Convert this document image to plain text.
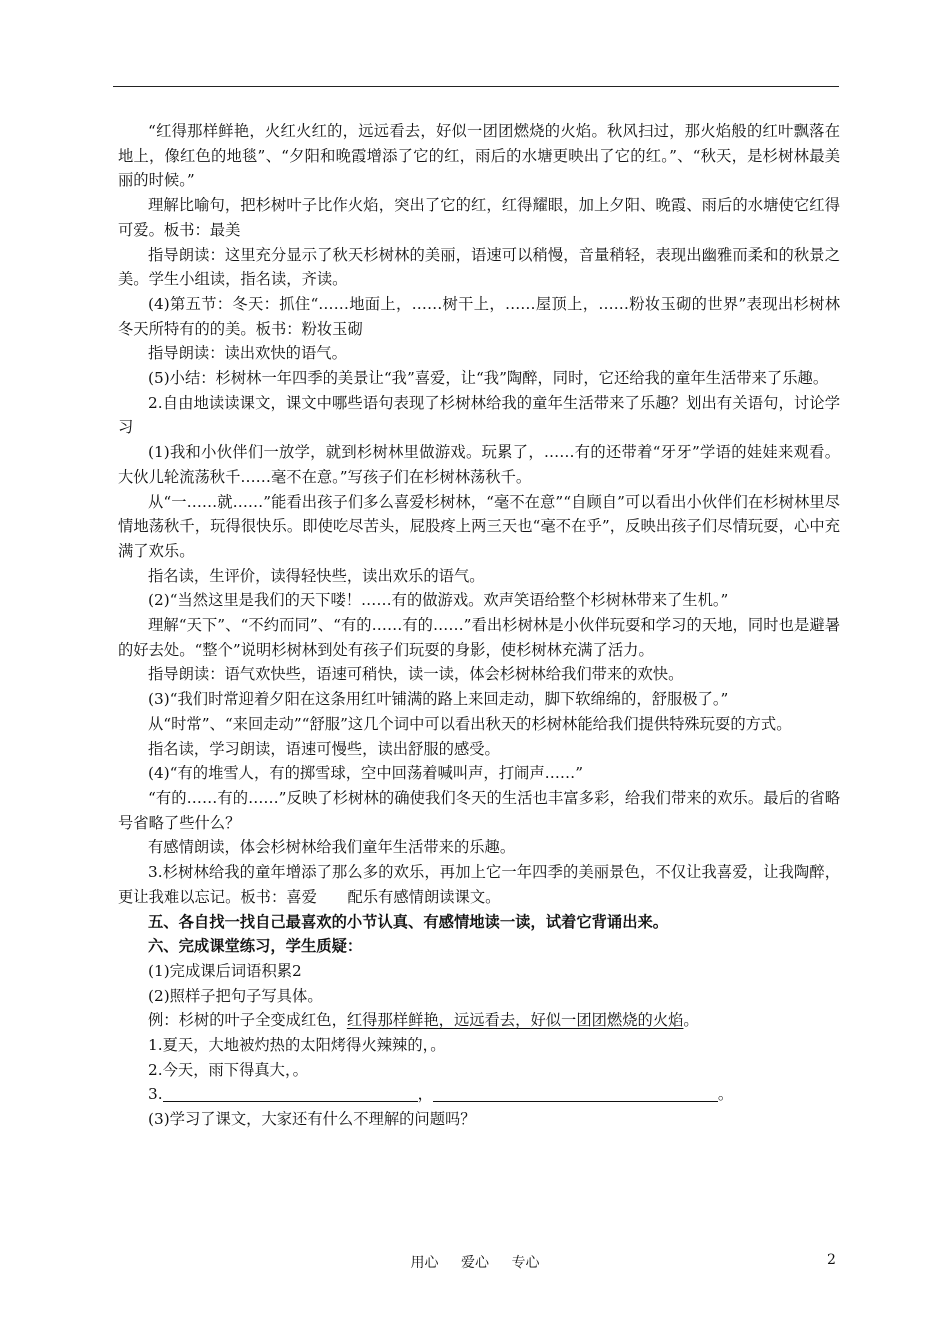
“红得那样鲜艳，火红火红的，远远看去，好似一团团燃烧的火焰。秋风扫过，那火焰般的红叶飘落在地上，像红色的地毯”、“夕阳和晚霞增添了它的红，雨后的水塘更映出了它的红。”、“秋天，是杉树林最美丽的时候。”

理解比喻句，把杉树叶子比作火焰，突出了它的红，红得耀眼，加上夕阳、晚霞、雨后的水塘使它红得可爱。板书：最美

指导朗读：这里充分显示了秋天杉树林的美丽，语速可以稍慢，音量稍轻，表现出幽雅而柔和的秋景之美。学生小组读，指名读，齐读。

(4)第五节：冬天：抓住“……地面上，……树干上，……屋顶上，……粉妆玉砌的世界”表现出杉树林冬天所特有的的美。板书：粉妆玉砌

指导朗读：读出欢快的语气。

(5)小结：杉树林一年四季的美景让“我”喜爱，让“我”陶醉，同时，它还给我的童年生活带来了乐趣。

2.自由地读读课文，课文中哪些语句表现了杉树林给我的童年生活带来了乐趣？划出有关语句，讨论学习

(1)我和小伙伴们一放学，就到杉树林里做游戏。玩累了，……有的还带着“牙牙”学语的娃娃来观看。大伙儿轮流荡秋千……毫不在意。”写孩子们在杉树林荡秋千。

从“一……就……”能看出孩子们多么喜爱杉树林，“毫不在意”“自顾自”可以看出小伙伴们在杉树林里尽情地荡秋千，玩得很快乐。即使吃尽苦头，屁股疼上两三天也“毫不在乎”，反映出孩子们尽情玩耍，心中充满了欢乐。

指名读，生评价，读得轻快些，读出欢乐的语气。

(2)“当然这里是我们的天下喽！……有的做游戏。欢声笑语给整个杉树林带来了生机。”

理解“天下”、“不约而同”、“有的……有的……”看出杉树林是小伙伴玩耍和学习的天地，同时也是避暑的好去处。“整个”说明杉树林到处有孩子们玩耍的身影，使杉树林充满了活力。

指导朗读：语气欢快些，语速可稍快，读一读，体会杉树林给我们带来的欢快。

(3)“我们时常迎着夕阳在这条用红叶铺满的路上来回走动，脚下软绵绵的，舒服极了。”

从“时常”、“来回走动”“舒服”这几个词中可以看出秋天的杉树林能给我们提供特殊玩耍的方式。

指名读，学习朗读，语速可慢些，读出舒服的感受。

(4)“有的堆雪人，有的掷雪球，空中回荡着喊叫声，打闹声……”

“有的……有的……”反映了杉树林的确使我们冬天的生活也丰富多彩，给我们带来的欢乐。最后的省略号省略了些什么？

有感情朗读，体会杉树林给我们童年生活带来的乐趣。

3.杉树林给我的童年增添了那么多的欢乐，再加上它一年四季的美丽景色，不仅让我喜爱，让我陶醉，更让我难以忘记。板书：喜爱　　配乐有感情朗读课文。

五、各自找一找自己最喜欢的小节认真、有感情地读一读，试着它背诵出来。

六、完成课堂练习，学生质疑：

(1)完成课后词语积累2

(2)照样子把句子写具体。

例：杉树的叶子全变成红色，红得那样鲜艳，远远看去，好似一团团燃烧的火焰。

1.夏天，大地被灼热的太阳烤得火辣辣的，。

2.今天，雨下得真大，。

3.	，	。

(3)学习了课文，大家还有什么不理解的问题吗？

用心 爱心 专心	2
